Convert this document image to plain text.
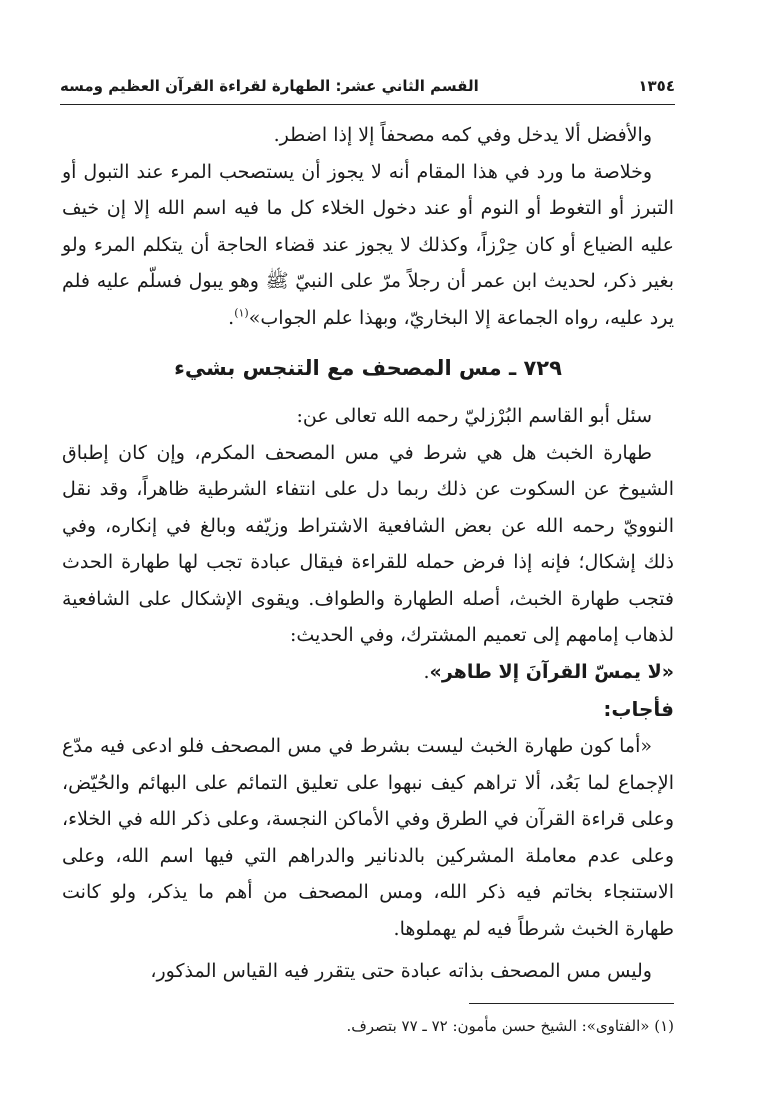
١٣٥٤
القسم الثاني عشر: الطهارة لقراءة القرآن العظيم ومسه

والأفضل ألا يدخل وفي كمه مصحفاً إلا إذا اضطر.

وخلاصة ما ورد في هذا المقام أنه لا يجوز أن يستصحب المرء عند التبول أو التبرز أو التغوط أو النوم أو عند دخول الخلاء كل ما فيه اسم الله إلا إن خيف عليه الضياع أو كان حِرْزاً، وكذلك لا يجوز عند قضاء الحاجة أن يتكلم المرء ولو بغير ذكر، لحديث ابن عمر أن رجلاً مرّ على النبيّ ﷺ وهو يبول فسلّم عليه فلم يرد عليه، رواه الجماعة إلا البخاريّ، وبهذا علم الجواب»$^{(١)}$.

٧٢٩ ـ مس المصحف مع التنجس بشيء

سئل أبو القاسم البُرْزليّ رحمه الله تعالى عن:

طهارة الخبث هل هي شرط في مس المصحف المكرم، وإن كان إطباق الشيوخ عن السكوت عن ذلك ربما دل على انتفاء الشرطية ظاهراً، وقد نقل النوويّ رحمه الله عن بعض الشافعية الاشتراط وزيّفه وبالغ في إنكاره، وفي ذلك إشكال؛ فإنه إذا فرض حمله للقراءة فيقال عبادة تجب لها طهارة الحدث فتجب طهارة الخبث، أصله الطهارة والطواف. ويقوى الإشكال على الشافعية لذهاب إمامهم إلى تعميم المشترك، وفي الحديث:

«لا يمسّ القرآنَ إلا طاهر».

فأجاب:

«أما كون طهارة الخبث ليست بشرط في مس المصحف فلو ادعى فيه مدّع الإجماع لما بَعُد، ألا تراهم كيف نبهوا على تعليق التمائم على البهائم والحُيّض، وعلى قراءة القرآن في الطرق وفي الأماكن النجسة، وعلى ذكر الله في الخلاء، وعلى عدم معاملة المشركين بالدنانير والدراهم التي فيها اسم الله، وعلى الاستنجاء بخاتم فيه ذكر الله، ومس المصحف من أهم ما يذكر، ولو كانت طهارة الخبث شرطاً فيه لم يهملوها.

وليس مس المصحف بذاته عبادة حتى يتقرر فيه القياس المذكور،

(١) «الفتاوى»: الشيخ حسن مأمون: ٧٢ ـ ٧٧ بتصرف.
